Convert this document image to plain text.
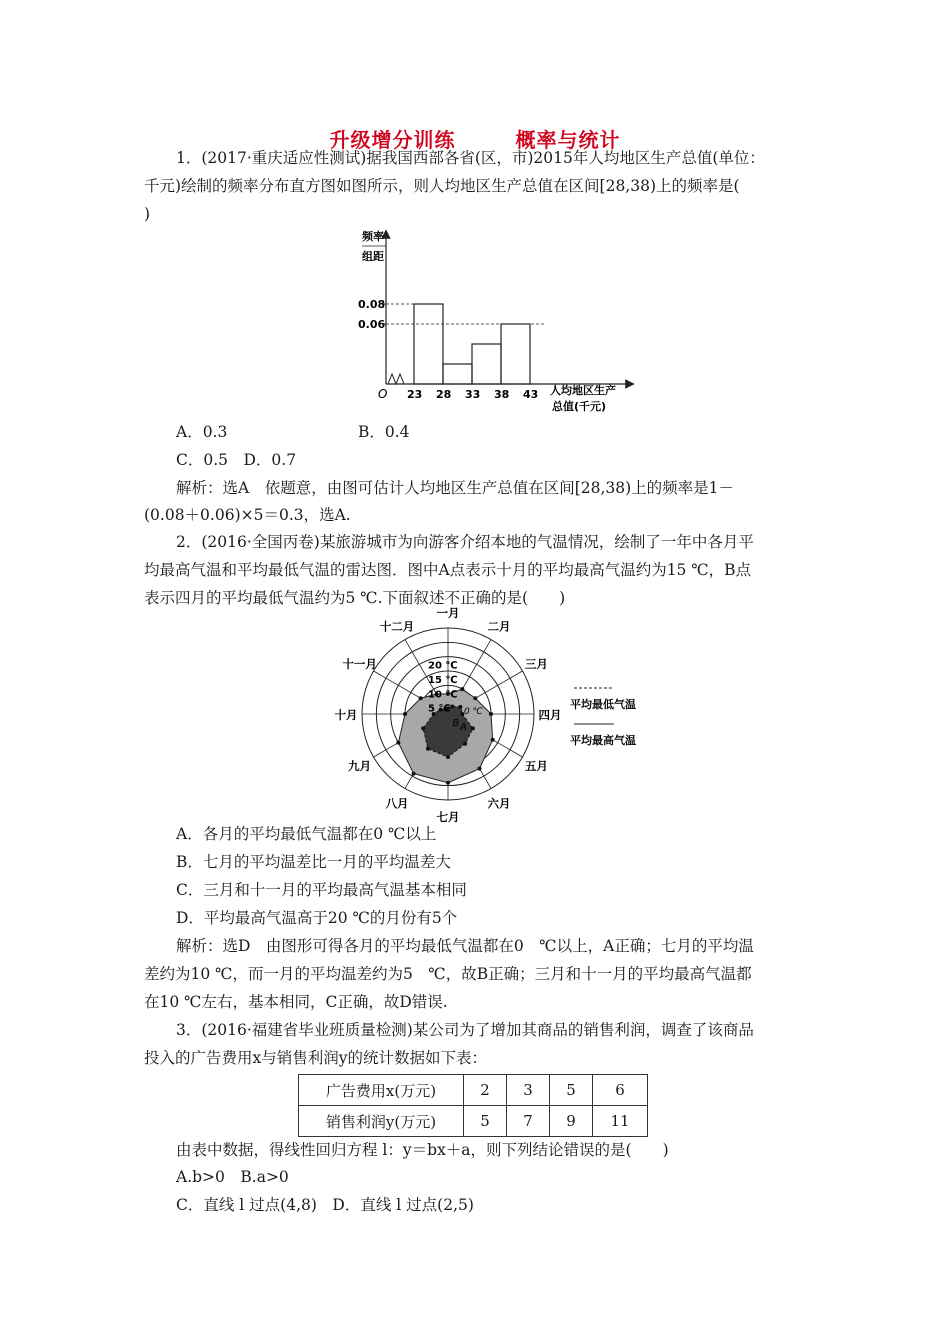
升级增分训练	概率与统计
1．(2017·重庆适应性测试)据我国西部各省(区，市)2015年人均地区生产总值(单位：
千元)绘制的频率分布直方图如图所示，则人均地区生产总值在区间[28,38)上的频率是(
)
频率
组距
0.08
0.06
23 28 33 38 43
O	人均地区生产
总值(千元)
A．0.3	B．0.4
C．0.5　D．0.7
解析：选A　依题意，由图可估计人均地区生产总值在区间[28,38)上的频率是1－
(0.08＋0.06)×5＝0.3，选A.
2．(2016·全国丙卷)某旅游城市为向游客介绍本地的气温情况，绘制了一年中各月平
均最高气温和平均最低气温的雷达图．图中A点表示十月的平均最高气温约为15 ℃，B点
表示四月的平均最低气温约为5 ℃.下面叙述不正确的是(　　)
20 ℃
15 ℃
10 ℃
5 ℃
B
一月
二月
三月
四月
五月
六月
七月
八月
九月
十月
十一月
十二月
A
0 ℃
平均最低气温
平均最高气温
A．各月的平均最低气温都在0 ℃以上
B．七月的平均温差比一月的平均温差大
C．三月和十一月的平均最高气温基本相同
D．平均最高气温高于20 ℃的月份有5个
解析：选D　由图形可得各月的平均最低气温都在0　℃以上，A正确；七月的平均温
差约为10 ℃，而一月的平均温差约为5　℃，故B正确；三月和十一月的平均最高气温都
在10 ℃左右，基本相同，C正确，故D错误.
3．(2016·福建省毕业班质量检测)某公司为了增加其商品的销售利润，调查了该商品
投入的广告费用x与销售利润y的统计数据如下表：
广告费用x(万元)	2	3	5	6
销售利润y(万元)	5	7	9	11
由表中数据，得线性回归方程 l：y＝bx＋a，则下列结论错误的是(　　)
A.b>0　B.a>0
C．直线 l 过点(4,8)　D．直线 l 过点(2,5)
